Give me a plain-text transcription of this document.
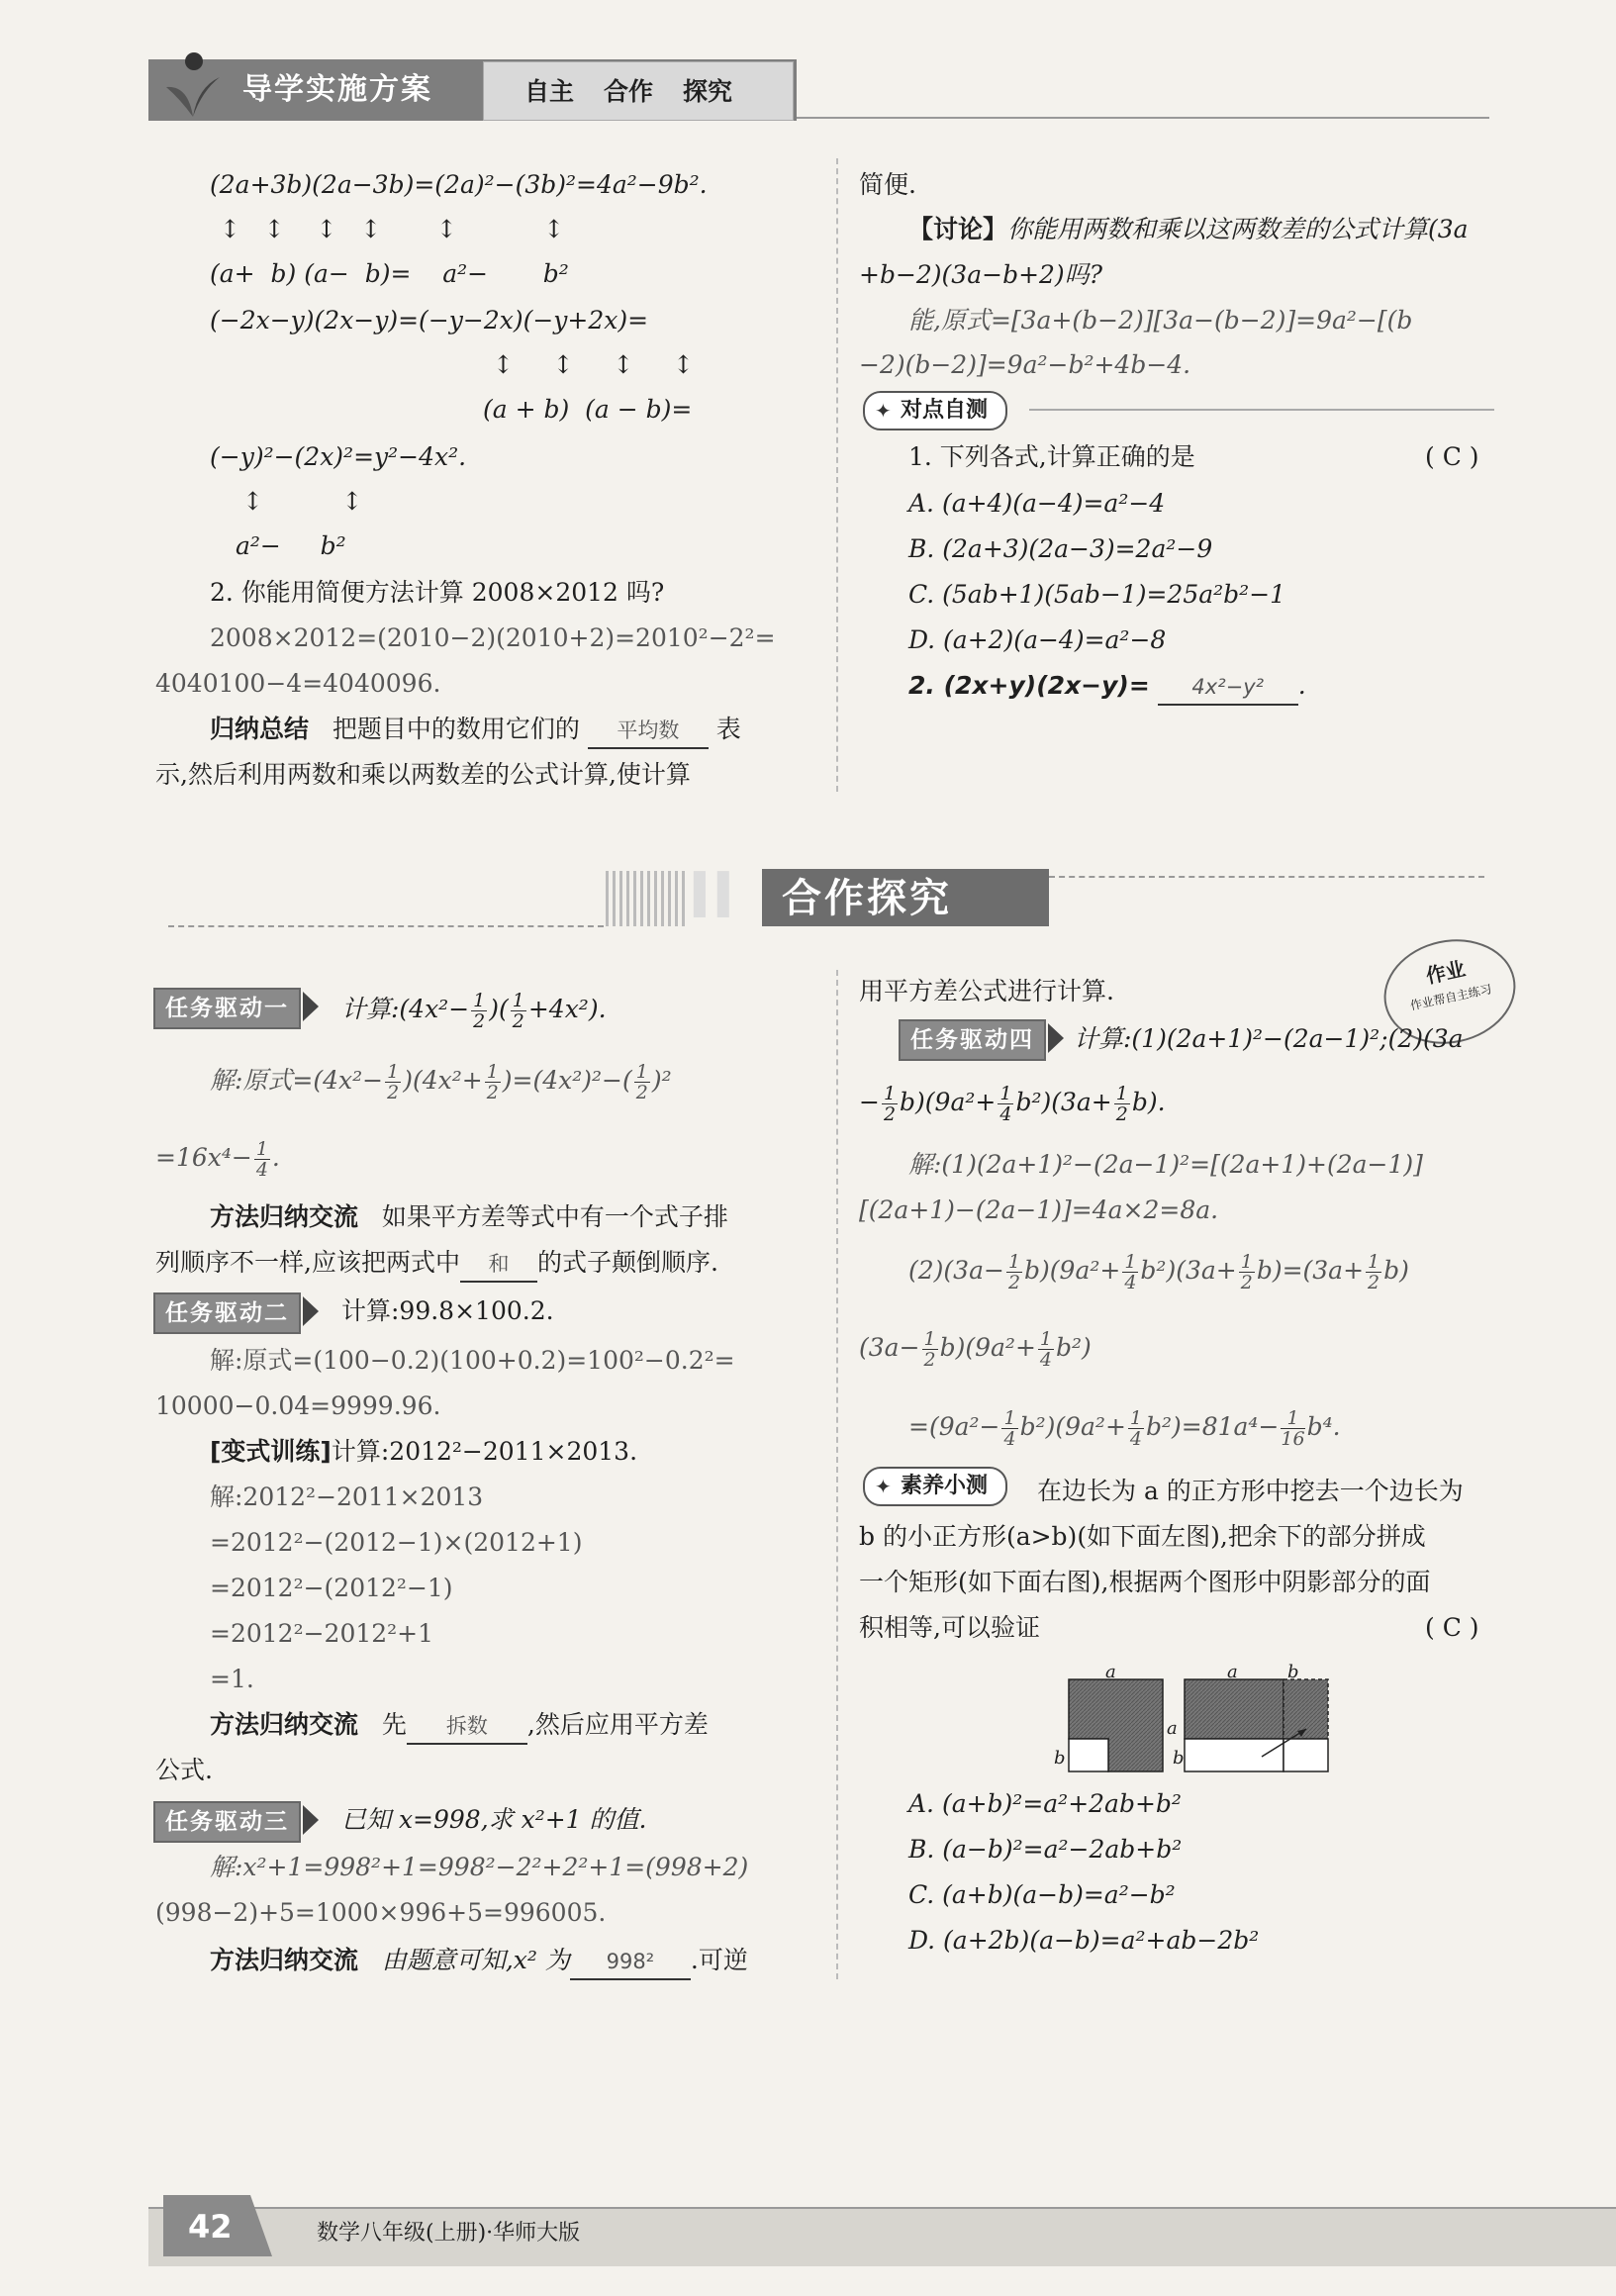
导学实施方案	自主 合作 探究
(2a+3b)(2a−3b)=(2a)²−(3b)²=4a²−9b².
↕   ↕    ↕   ↕       ↕           ↕
(a+  b) (a−  b)=    a²−       b²
(−2x−y)(2x−y)=(−y−2x)(−y+2x)=
↕     ↕     ↕     ↕
(a + b)  (a − b)=
(−y)²−(2x)²=y²−4x².
↕          ↕
a²−     b²
2. 你能用简便方法计算 2008×2012 吗?
2008×2012=(2010−2)(2010+2)=2010²−2²=
4040100−4=4040096.
归纳总结 把题目中的数用它们的 平均数 表
示,然后利用两数和乘以两数差的公式计算,使计算
简便.
【讨论】你能用两数和乘以这两数差的公式计算(3a
+b−2)(3a−b+2)吗?
能,原式=[3a+(b−2)][3a−(b−2)]=9a²−[(b
−2)(b−2)]=9a²−b²+4b−4.
✦ 对点自测
1. 下列各式,计算正确的是	( C )
A. (a+4)(a−4)=a²−4
B. (2a+3)(2a−3)=2a²−9
C. (5ab+1)(5ab−1)=25a²b²−1
D. (a+2)(a−4)=a²−8
2. (2x+y)(2x−y)= 4x²−y² .
II 合作探究
任务驱动一	计算:(4x²− $\frac{1}{2}$ )( $\frac{1}{2} +4x^2$).
解:原式$=(4x^2- \frac{1}{2} )(4x^2+ \frac{1}{2} )=(4x^2)^2-( \frac{1}{2} )^2$
$=16x^4- \frac{1}{4}$ .
方法归纳交流 如果平方差等式中有一个式子排
列顺序不一样,应该把两式中 和 的式子颠倒顺序.
任务驱动二	计算:99.8×100.2.
解:原式=(100−0.2)(100+0.2)=100²−0.2²=
10000−0.04=9999.96.
[变式训练]计算:2012²−2011×2013.
解:2012²−2011×2013
=2012²−(2012−1)×(2012+1)
=2012²−(2012²−1)
=2012²−2012²+1
=1.
方法归纳交流 先 拆数 ,然后应用平方差
公式.
任务驱动三	已知 x=998,求 x²+1 的值.
解:x²+1=998²+1=998²−2²+2²+1=(998+2)
(998−2)+5=1000×996+5=996005.
方法归纳交流 由题意可知,x² 为 998² .可逆
用平方差公式进行计算.
作业
作业帮自主练习
任务驱动四	计算:(1)(2a+1)²−(2a−1)²;(2)(3a
− $\frac{1}{2} b)(9a^2+ \frac{1}{4} b^2)(3a+ \frac{1}{2} b)$.
解:(1)(2a+1)²−(2a−1)²=[(2a+1)+(2a−1)]
[(2a+1)−(2a−1)]=4a×2=8a.
$(2)(3a- \frac{1}{2} b)(9a^2+ \frac{1}{4} b^2)(3a+ \frac{1}{2} b)=(3a+ \frac{1}{2} b)$
$(3a- \frac{1}{2} b)(9a^2+ \frac{1}{4} b^2)$
$=(9a^2- \frac{1}{4} b^2)(9a^2+ \frac{1}{4} b^2)=81a^4- \frac{1}{16} b^4$.
✦ 素养小测	在边长为 a 的正方形中挖去一个边长为
b 的小正方形(a>b)(如下面左图),把余下的部分拼成
一个矩形(如下面右图),根据两个图形中阴影部分的面
积相等,可以验证	( C )
a
a
b
a	b
b
A. (a+b)²=a²+2ab+b²
B. (a−b)²=a²−2ab+b²
C. (a+b)(a−b)=a²−b²
D. (a+2b)(a−b)=a²+ab−2b²
42	数学八年级(上册)·华师大版
